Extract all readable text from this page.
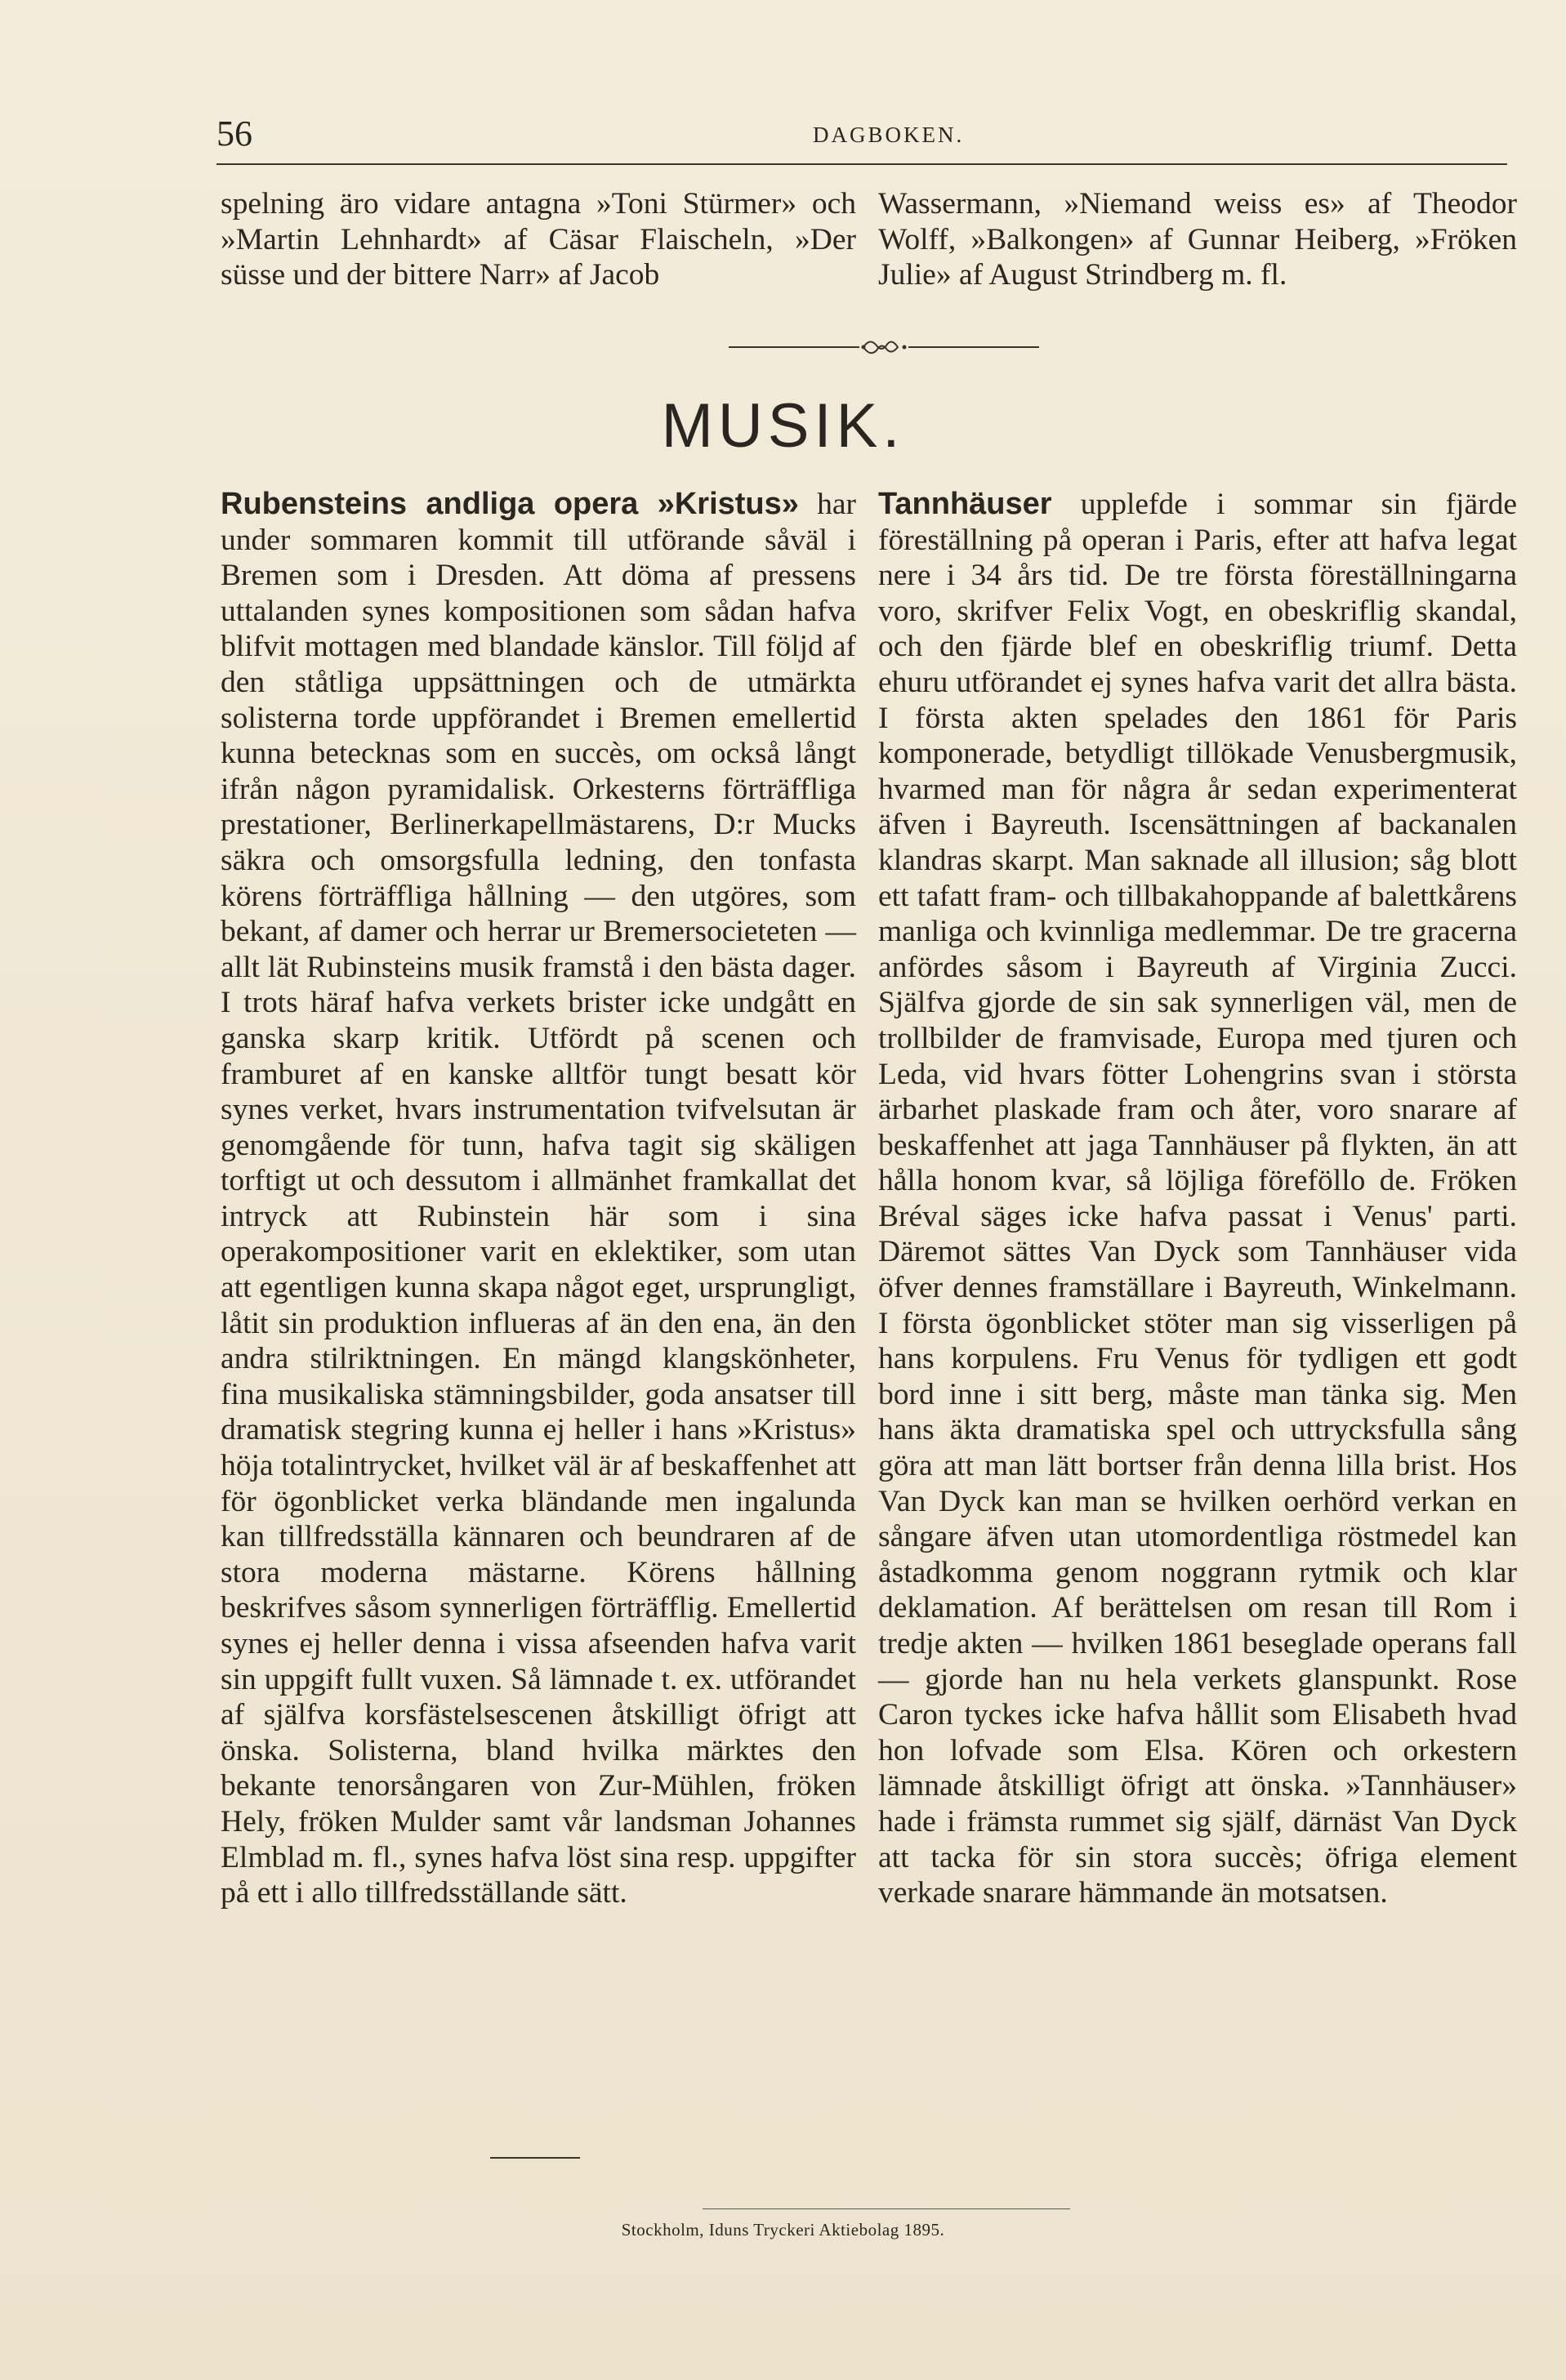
56	DAGBOKEN.

spelning äro vidare antagna »Toni Stürmer» och »Martin Lehnhardt» af Cäsar Flaischeln, »Der süsse und der bittere Narr» af Jacob

Wassermann, »Niemand weiss es» af Theodor Wolff, »Balkongen» af Gunnar Heiberg, »Fröken Julie» af August Strindberg m. fl.

MUSIK.

Rubensteins andliga opera »Kristus» har under sommaren kommit till utförande såväl i Bremen som i Dresden. Att döma af pressens uttalanden synes kompositionen som sådan hafva blifvit mottagen med blandade känslor. Till följd af den ståtliga uppsättningen och de utmärkta solisterna torde uppförandet i Bremen emellertid kunna betecknas som en succès, om också långt ifrån någon pyramidalisk. Orkesterns förträffliga prestationer, Berlinerkapellmästarens, D:r Mucks säkra och omsorgsfulla ledning, den tonfasta körens förträffliga hållning — den utgöres, som bekant, af damer och herrar ur Bremersocieteten — allt lät Rubinsteins musik framstå i den bästa dager. I trots häraf hafva verkets brister icke undgått en ganska skarp kritik. Utfördt på scenen och framburet af en kanske alltför tungt besatt kör synes verket, hvars instrumentation tvifvelsutan är genomgående för tunn, hafva tagit sig skäligen torftigt ut och dessutom i allmänhet framkallat det intryck att Rubinstein här som i sina operakompositioner varit en eklektiker, som utan att egentligen kunna skapa något eget, ursprungligt, låtit sin produktion influeras af än den ena, än den andra stilriktningen. En mängd klangskönheter, fina musikaliska stämningsbilder, goda ansatser till dramatisk stegring kunna ej heller i hans »Kristus» höja totalintrycket, hvilket väl är af beskaffenhet att för ögonblicket verka bländande men ingalunda kan tillfredsställa kännaren och beundraren af de stora moderna mästarne. Körens hållning beskrifves såsom synnerligen förträfflig. Emellertid synes ej heller denna i vissa afseenden hafva varit sin uppgift fullt vuxen. Så lämnade t. ex. utförandet af själfva korsfästelsescenen åtskilligt öfrigt att önska. Solisterna, bland hvilka märktes den bekante tenorsångaren von Zur-Mühlen, fröken Hely, fröken Mulder samt vår landsman Johannes Elmblad m. fl., synes hafva löst sina resp. uppgifter på ett i allo tillfredsställande sätt.

Tannhäuser upplefde i sommar sin fjärde föreställning på operan i Paris, efter att hafva legat nere i 34 års tid. De tre första föreställningarna voro, skrifver Felix Vogt, en obeskriflig skandal, och den fjärde blef en obeskriflig triumf. Detta ehuru utförandet ej synes hafva varit det allra bästa. I första akten spelades den 1861 för Paris komponerade, betydligt tillökade Venusbergmusik, hvarmed man för några år sedan experimenterat äfven i Bayreuth. Iscensättningen af backanalen klandras skarpt. Man saknade all illusion; såg blott ett tafatt fram- och tillbakahoppande af balettkårens manliga och kvinnliga medlemmar. De tre gracerna anfördes såsom i Bayreuth af Virginia Zucci. Själfva gjorde de sin sak synnerligen väl, men de trollbilder de framvisade, Europa med tjuren och Leda, vid hvars fötter Lohengrins svan i största ärbarhet plaskade fram och åter, voro snarare af beskaffenhet att jaga Tannhäuser på flykten, än att hålla honom kvar, så löjliga föreföllo de. Fröken Bréval säges icke hafva passat i Venus' parti. Däremot sättes Van Dyck som Tannhäuser vida öfver dennes framställare i Bayreuth, Winkelmann. I första ögonblicket stöter man sig visserligen på hans korpulens. Fru Venus för tydligen ett godt bord inne i sitt berg, måste man tänka sig. Men hans äkta dramatiska spel och uttrycksfulla sång göra att man lätt bortser från denna lilla brist. Hos Van Dyck kan man se hvilken oerhörd verkan en sångare äfven utan utomordentliga röstmedel kan åstadkomma genom noggrann rytmik och klar deklamation. Af berättelsen om resan till Rom i tredje akten — hvilken 1861 beseglade operans fall — gjorde han nu hela verkets glanspunkt. Rose Caron tyckes icke hafva hållit som Elisabeth hvad hon lofvade som Elsa. Kören och orkestern lämnade åtskilligt öfrigt att önska. »Tannhäuser» hade i främsta rummet sig själf, därnäst Van Dyck att tacka för sin stora succès; öfriga element verkade snarare hämmande än motsatsen.

Stockholm, Iduns Tryckeri Aktiebolag 1895.
